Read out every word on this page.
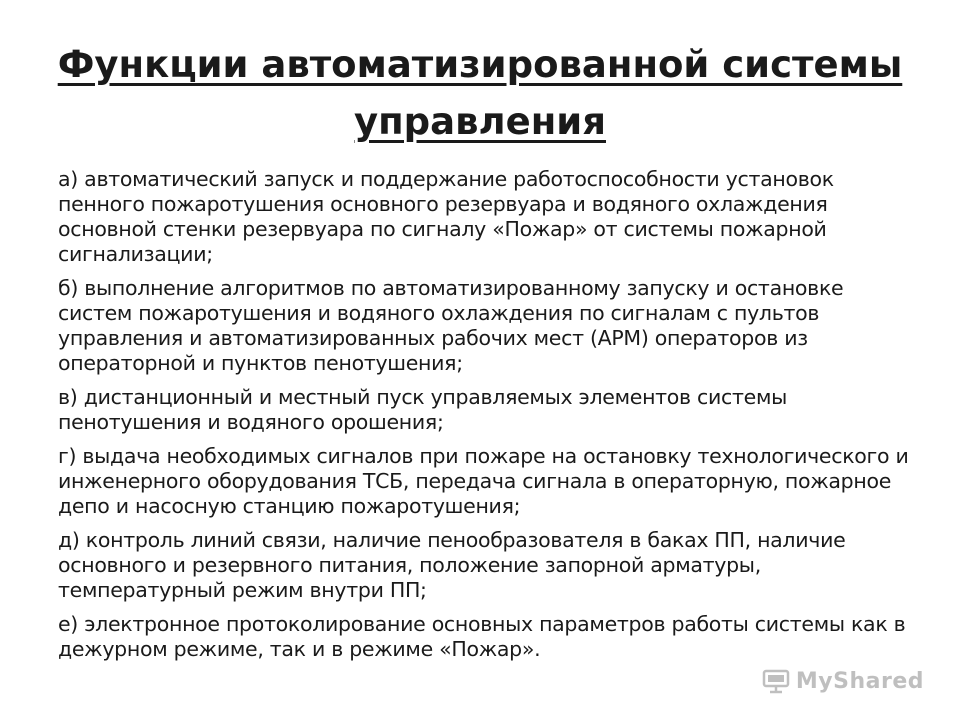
Функции автоматизированной системы управления
а) автоматический запуск и поддержание работоспособности установок пенного пожаротушения основного резервуара и водяного охлаждения основной стенки резервуара по сигналу «Пожар» от системы пожарной сигнализации;
б) выполнение алгоритмов по автоматизированному запуску и остановке систем пожаротушения и водяного охлаждения по сигналам с пультов управления и автоматизированных рабочих мест (АРМ) операторов из операторной и пунктов пенотушения;
в) дистанционный и местный пуск управляемых элементов системы пенотушения и водяного орошения;
г) выдача необходимых сигналов при пожаре на остановку технологического и инженерного оборудования ТСБ, передача сигнала в операторную, пожарное депо и насосную станцию пожаротушения;
д) контроль линий связи, наличие пенообразователя в баках ПП, наличие основного и резервного питания, положение запорной арматуры, температурный режим внутри ПП;
е) электронное протоколирование основных параметров работы системы как в дежурном режиме, так и в режиме «Пожар».
MyShared
